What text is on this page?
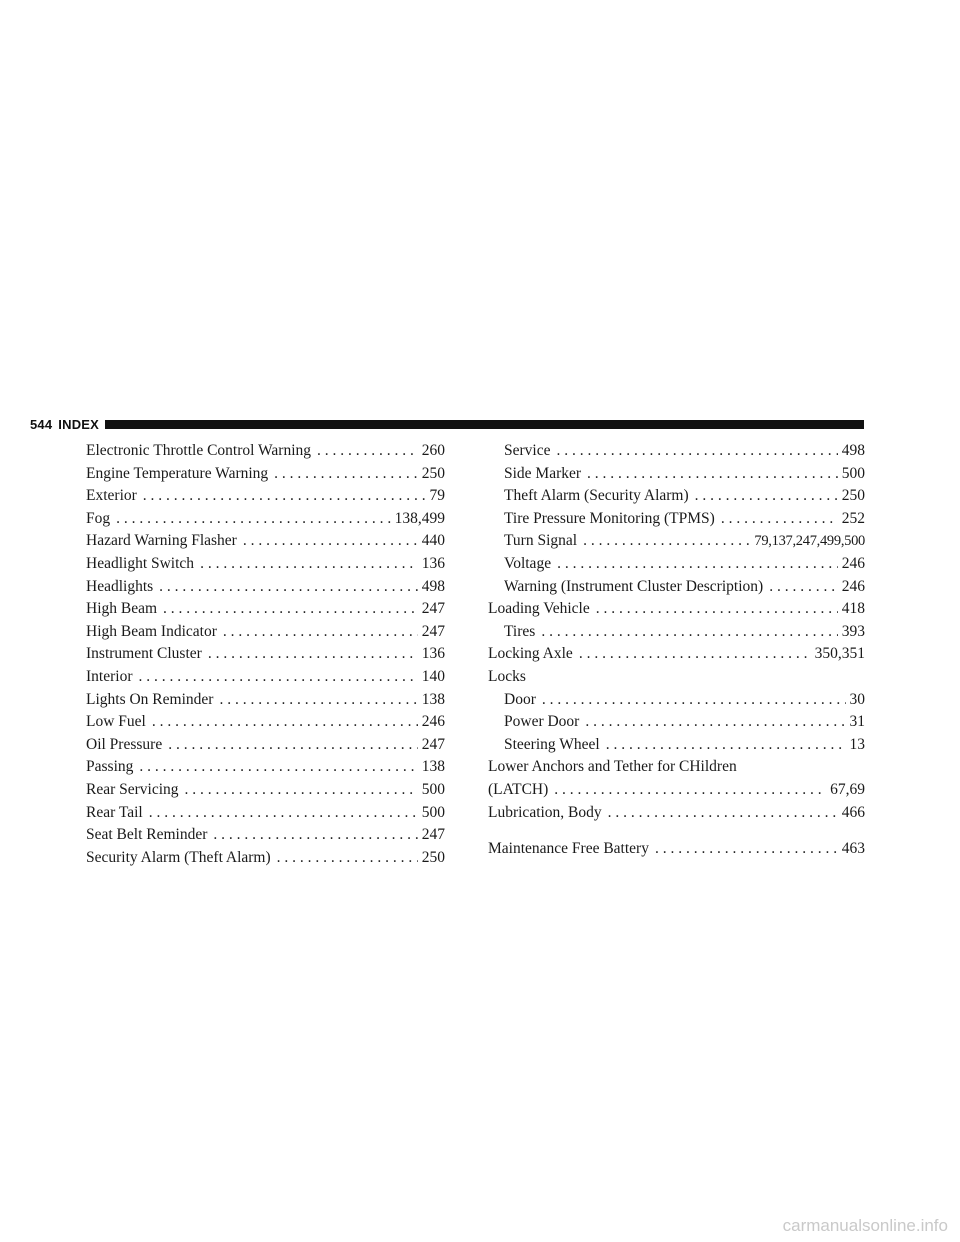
544 INDEX
Electronic Throttle Control Warning . . .	260
Engine Temperature Warning . . .	250
Exterior . . .	79
Fog . . .	138,499
Hazard Warning Flasher . . .	440
Headlight Switch . . .	136
Headlights . . .	498
High Beam . . .	247
High Beam Indicator . . .	247
Instrument Cluster . . .	136
Interior . . .	140
Lights On Reminder . . .	138
Low Fuel . . .	246
Oil Pressure . . .	247
Passing . . .	138
Rear Servicing . . .	500
Rear Tail . . .	500
Seat Belt Reminder . . .	247
Security Alarm (Theft Alarm) . . .	250
Service . . .	498
Side Marker . . .	500
Theft Alarm (Security Alarm) . . .	250
Tire Pressure Monitoring (TPMS) . . .	252
Turn Signal . . .	79,137,247,499,500
Voltage . . .	246
Warning (Instrument Cluster Description) . . .	246
Loading Vehicle . . .	418
Tires . . .	393
Locking Axle . . .	350,351
Locks
Door . . .	30
Power Door . . .	31
Steering Wheel . . .	13
Lower Anchors and Tether for CHildren
(LATCH) . . .	67,69
Lubrication, Body . . .	466
Maintenance Free Battery . . .	463
carmanualsonline.info
